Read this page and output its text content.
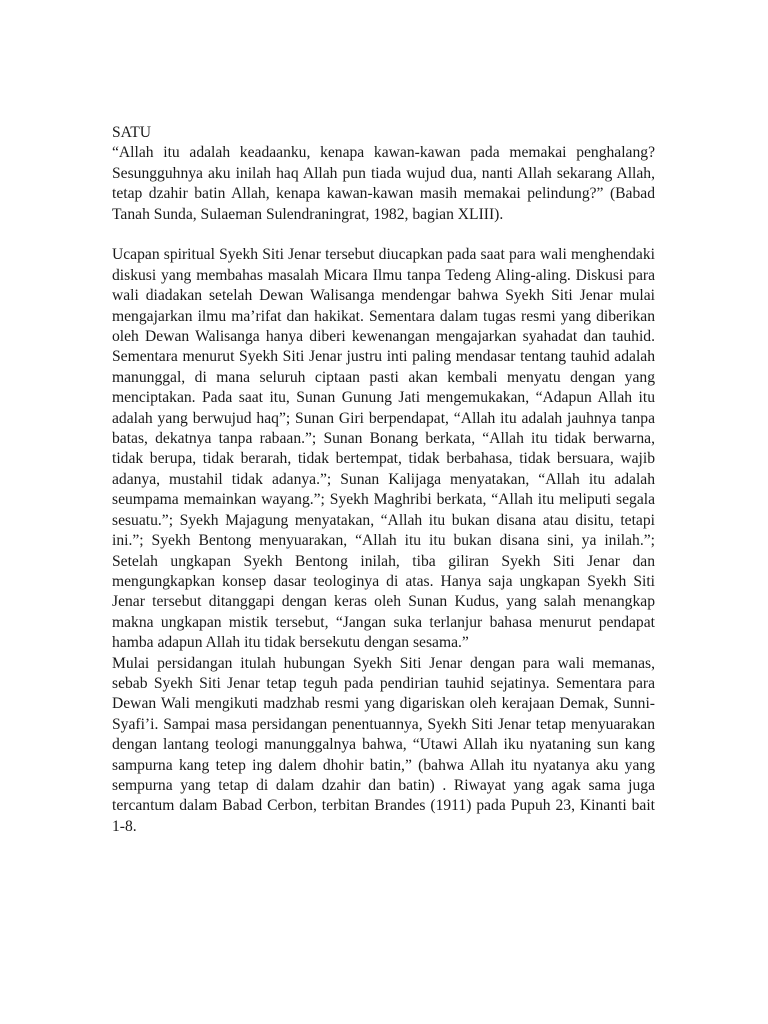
SATU

“Allah itu adalah keadaanku, kenapa kawan-kawan pada memakai penghalang? Sesungguhnya aku inilah haq Allah pun tiada wujud dua, nanti Allah sekarang Allah, tetap dzahir batin Allah, kenapa kawan-kawan masih memakai pelindung?” (Babad Tanah Sunda, Sulaeman Sulendraningrat, 1982, bagian XLIII).

Ucapan spiritual Syekh Siti Jenar tersebut diucapkan pada saat para wali menghendaki diskusi yang membahas masalah Micara Ilmu tanpa Tedeng Aling-aling. Diskusi para wali diadakan setelah Dewan Walisanga mendengar bahwa Syekh Siti Jenar mulai mengajarkan ilmu ma’rifat dan hakikat. Sementara dalam tugas resmi yang diberikan oleh Dewan Walisanga hanya diberi kewenangan mengajarkan syahadat dan tauhid. Sementara menurut Syekh Siti Jenar justru inti paling mendasar tentang tauhid adalah manunggal, di mana seluruh ciptaan pasti akan kembali menyatu dengan yang menciptakan. Pada saat itu, Sunan Gunung Jati mengemukakan, “Adapun Allah itu adalah yang berwujud haq”; Sunan Giri berpendapat, “Allah itu adalah jauhnya tanpa batas, dekatnya tanpa rabaan.”; Sunan Bonang berkata, “Allah itu tidak berwarna, tidak berupa, tidak berarah, tidak bertempat, tidak berbahasa, tidak bersuara, wajib adanya, mustahil tidak adanya.”; Sunan Kalijaga menyatakan, “Allah itu adalah seumpama memainkan wayang.”; Syekh Maghribi berkata, “Allah itu meliputi segala sesuatu.”; Syekh Majagung menyatakan, “Allah itu bukan disana atau disitu, tetapi ini.”; Syekh Bentong menyuarakan, “Allah itu itu bukan disana sini, ya inilah.”; Setelah ungkapan Syekh Bentong inilah, tiba giliran Syekh Siti Jenar dan mengungkapkan konsep dasar teologinya di atas. Hanya saja ungkapan Syekh Siti Jenar tersebut ditanggapi dengan keras oleh Sunan Kudus, yang salah menangkap makna ungkapan mistik tersebut, “Jangan suka terlanjur bahasa menurut pendapat hamba adapun Allah itu tidak bersekutu dengan sesama.”

Mulai persidangan itulah hubungan Syekh Siti Jenar dengan para wali memanas, sebab Syekh Siti Jenar tetap teguh pada pendirian tauhid sejatinya. Sementara para Dewan Wali mengikuti madzhab resmi yang digariskan oleh kerajaan Demak, Sunni-Syafi’i. Sampai masa persidangan penentuannya, Syekh Siti Jenar tetap menyuarakan dengan lantang teologi manunggalnya bahwa, “Utawi Allah iku nyataning sun kang sampurna kang tetep ing dalem dhohir batin,” (bahwa Allah itu nyatanya aku yang sempurna yang tetap di dalam dzahir dan batin) . Riwayat yang agak sama juga tercantum dalam Babad Cerbon, terbitan Brandes (1911) pada Pupuh 23, Kinanti bait 1-8.
